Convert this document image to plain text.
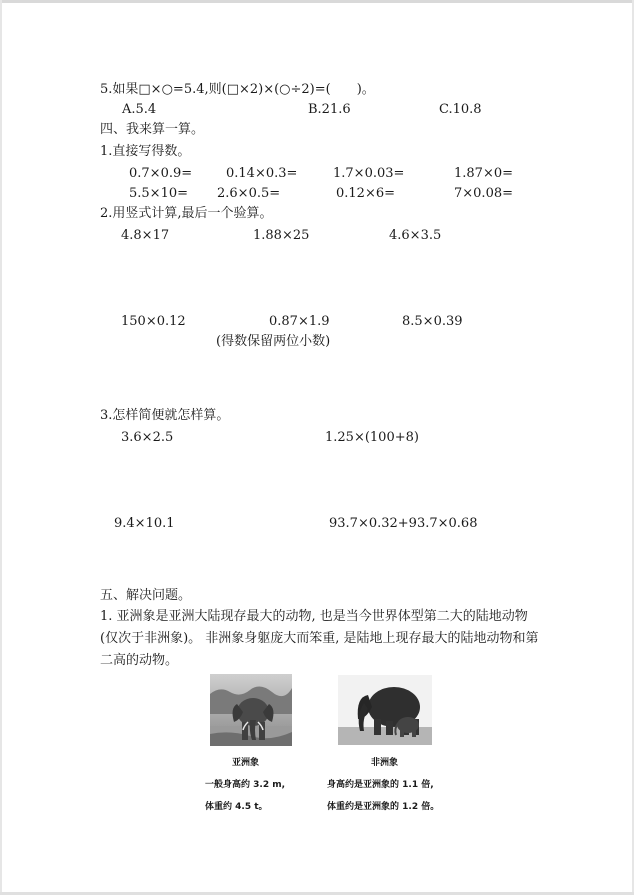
5.如果□×○=5.4,则(□×2)×(○÷2)=(　　)。
A.5.4	B.21.6	C.10.8
四、我来算一算。
1.直接写得数。
0.7×0.9=	0.14×0.3=	1.7×0.03=	1.87×0=
5.5×10= 2.6×0.5=	0.12×6=	7×0.08=
2.用竖式计算,最后一个验算。
4.8×17	1.88×25	4.6×3.5
150×0.12	0.87×1.9	8.5×0.39
(得数保留两位小数)
3.怎样简便就怎样算。
3.6×2.5	1.25×(100+8)
9.4×10.1	93.7×0.32+93.7×0.68
五、解决问题。
1. 亚洲象是亚洲大陆现存最大的动物, 也是当今世界体型第二大的陆地动物(仅次于非洲象)。 非洲象身躯庞大而笨重, 是陆地上现存最大的陆地动物和第二高的动物。
亚洲象
一般身高约 3.2 m,
体重约 4.5 t。
非洲象
身高约是亚洲象的 1.1 倍,
体重约是亚洲象的 1.2 倍。
